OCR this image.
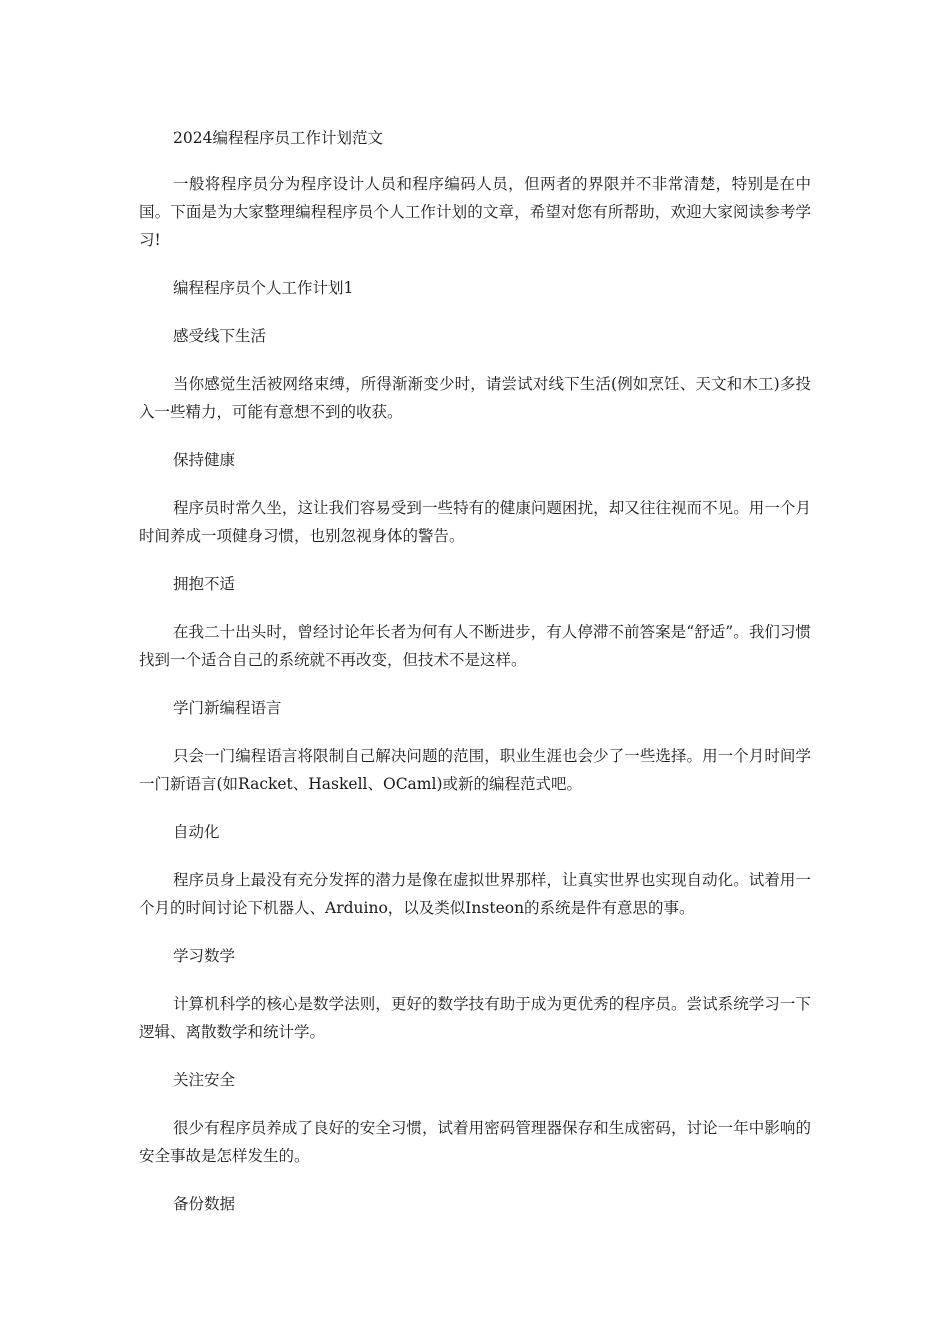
2024编程程序员工作计划范文

一般将程序员分为程序设计人员和程序编码人员，但两者的界限并不非常清楚，特别是在中国。下面是为大家整理编程程序员个人工作计划的文章，希望对您有所帮助，欢迎大家阅读参考学习!

编程程序员个人工作计划1

感受线下生活

当你感觉生活被网络束缚，所得渐渐变少时，请尝试对线下生活(例如烹饪、天文和木工)多投入一些精力，可能有意想不到的收获。

保持健康

程序员时常久坐，这让我们容易受到一些特有的健康问题困扰，却又往往视而不见。用一个月时间养成一项健身习惯，也别忽视身体的警告。

拥抱不适

在我二十出头时，曾经讨论年长者为何有人不断进步，有人停滞不前答案是“舒适”。我们习惯找到一个适合自己的系统就不再改变，但技术不是这样。

学门新编程语言

只会一门编程语言将限制自己解决问题的范围，职业生涯也会少了一些选择。用一个月时间学一门新语言(如Racket、Haskell、OCaml)或新的编程范式吧。

自动化

程序员身上最没有充分发挥的潜力是像在虚拟世界那样，让真实世界也实现自动化。试着用一个月的时间讨论下机器人、Arduino，以及类似Insteon的系统是件有意思的事。

学习数学

计算机科学的核心是数学法则，更好的数学技有助于成为更优秀的程序员。尝试系统学习一下逻辑、离散数学和统计学。

关注安全

很少有程序员养成了良好的安全习惯，试着用密码管理器保存和生成密码，讨论一年中影响的安全事故是怎样发生的。

备份数据
